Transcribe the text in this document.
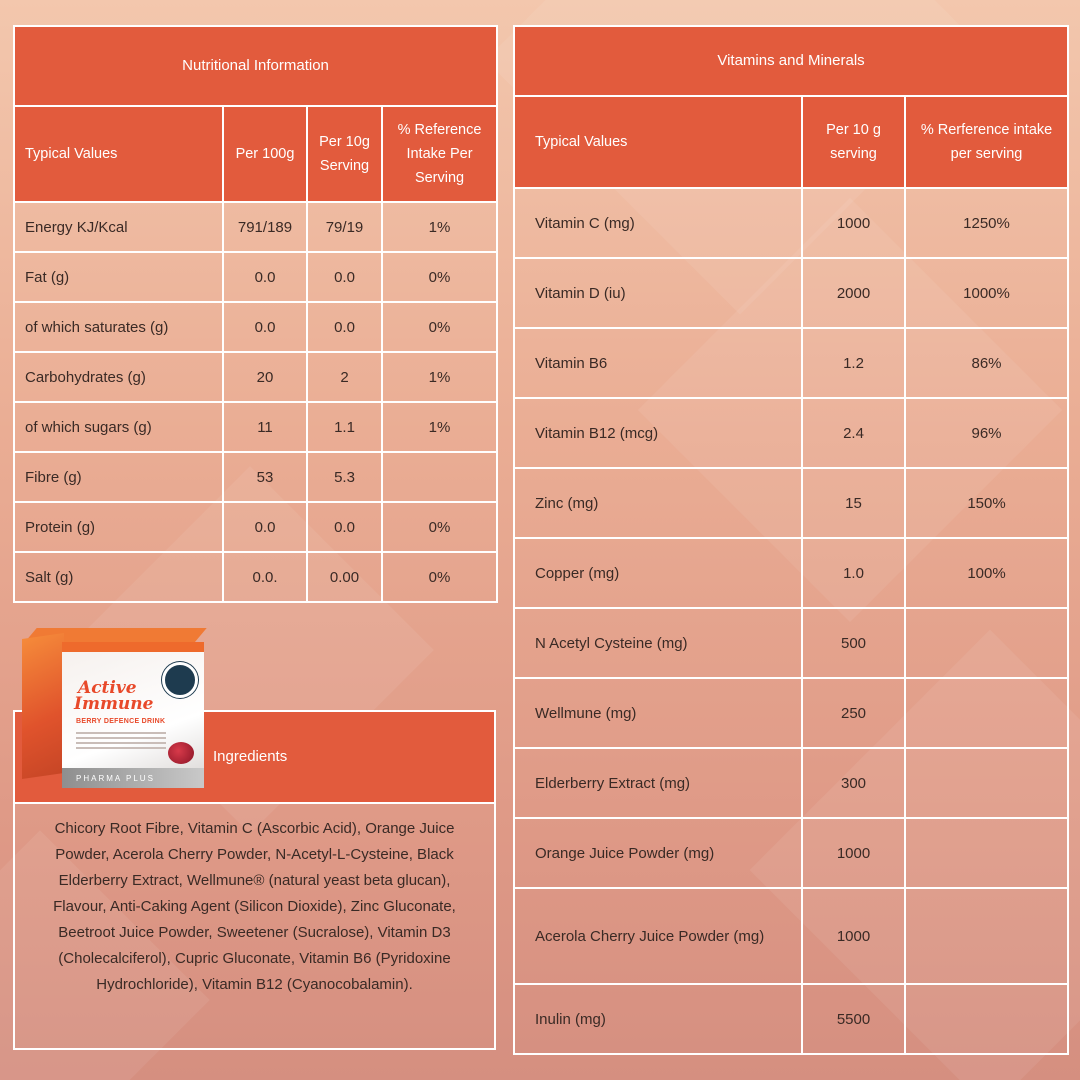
Nutritional Information			
Typical Values	Per 100g	Per 10g Serving	% Reference Intake Per Serving
Energy KJ/Kcal	791/189	79/19	1%
Fat (g)	0.0	0.0	0%
of which saturates (g)	0.0	0.0	0%
Carbohydrates (g)	20	2	1%
of which sugars (g)	11	1.1	1%
Fibre (g)	53	5.3	
Protein (g)	0.0	0.0	0%
Salt (g)	0.0.	0.00	0%
Ingredients
Chicory Root Fibre, Vitamin C (Ascorbic Acid), Orange Juice Powder, Acerola Cherry Powder, N-Acetyl-L-Cysteine, Black Elderberry Extract, Wellmune® (natural yeast beta glucan), Flavour, Anti-Caking Agent (Silicon Dioxide), Zinc Gluconate, Beetroot Juice Powder, Sweetener (Sucralose), Vitamin D3 (Cholecalciferol), Cupric Gluconate, Vitamin B6 (Pyridoxine Hydrochloride), Vitamin B12 (Cyanocobalamin).
Active
Immune
BERRY DEFENCE DRINK
PHARMA PLUS
Vitamins and Minerals		
Typical Values	Per 10 g serving	% Rerference intake per serving
Vitamin C (mg)	1000	1250%
Vitamin D (iu)	2000	1000%
Vitamin B6	1.2	86%
Vitamin B12 (mcg)	2.4	96%
Zinc (mg)	15	150%
Copper (mg)	1.0	100%
N Acetyl Cysteine (mg)	500	
Wellmune (mg)	250	
Elderberry Extract (mg)	300	
Orange Juice Powder (mg)	1000	
Acerola Cherry Juice Powder (mg)	1000	
Inulin (mg)	5500	
